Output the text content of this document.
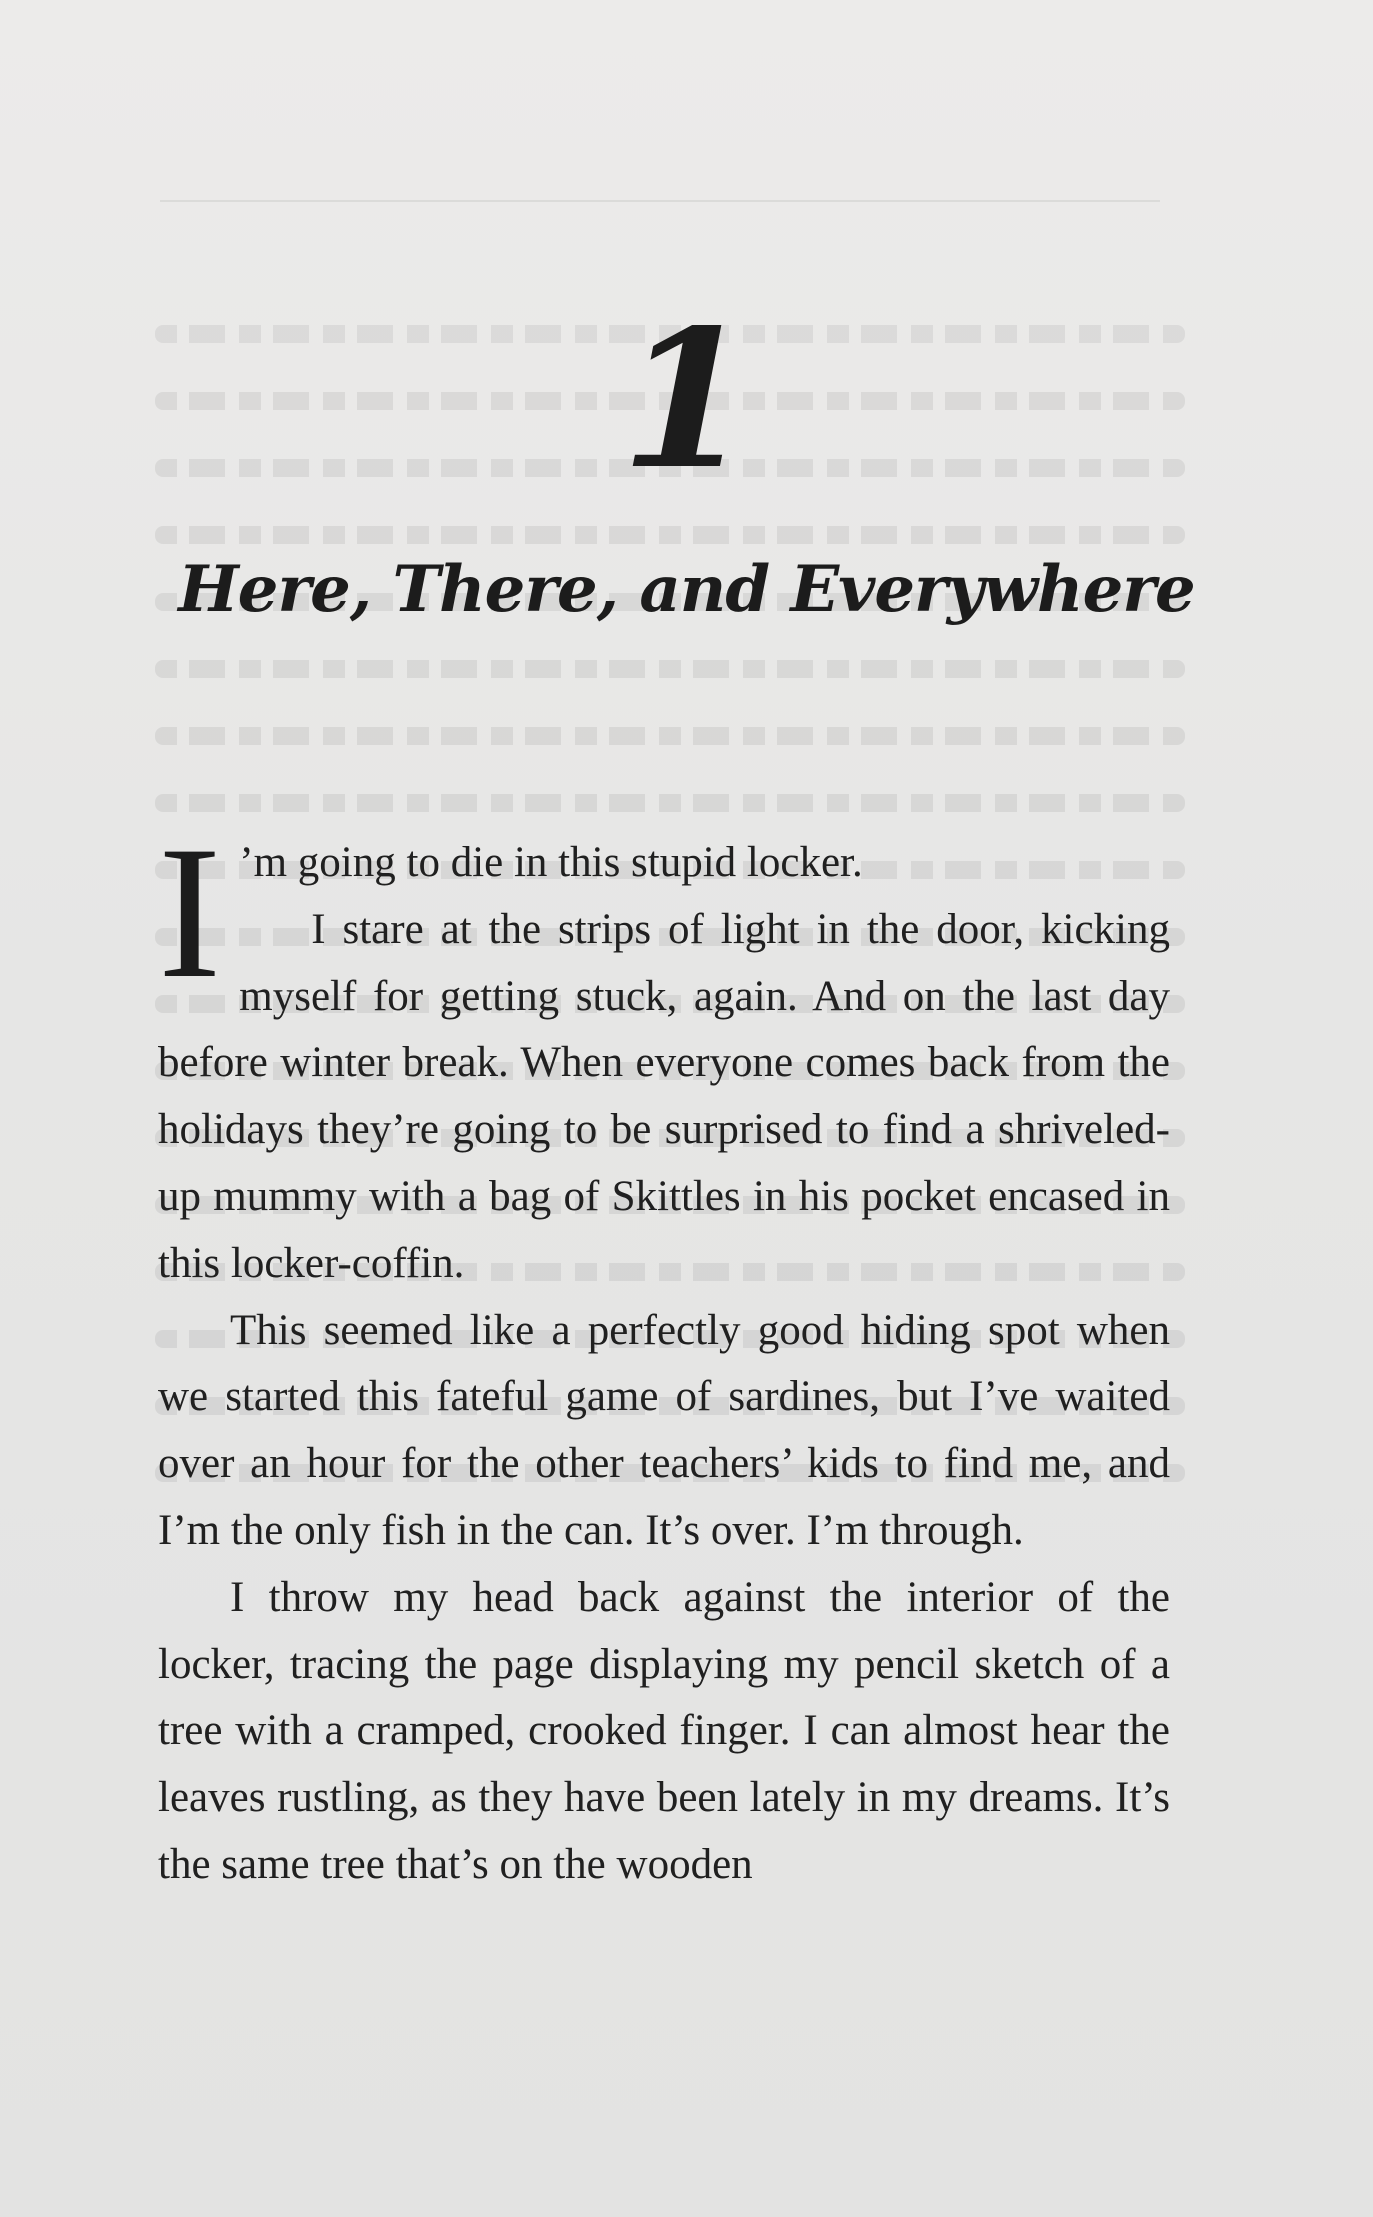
1
Here, There, and Everywhere

I ’m going to die in this stupid locker.

I stare at the strips of light in the door, kicking myself for getting stuck, again. And on the last day before winter break. When everyone comes back from the holidays they’re going to be surprised to find a shriveled-up mummy with a bag of Skittles in his pocket encased in this locker-coffin.

This seemed like a perfectly good hiding spot when we started this fateful game of sardines, but I’ve waited over an hour for the other teachers’ kids to find me, and I’m the only fish in the can. It’s over. I’m through.

I throw my head back against the interior of the locker, tracing the page displaying my pencil sketch of a tree with a cramped, crooked finger. I can almost hear the leaves rustling, as they have been lately in my dreams. It’s the same tree that’s on the wooden
